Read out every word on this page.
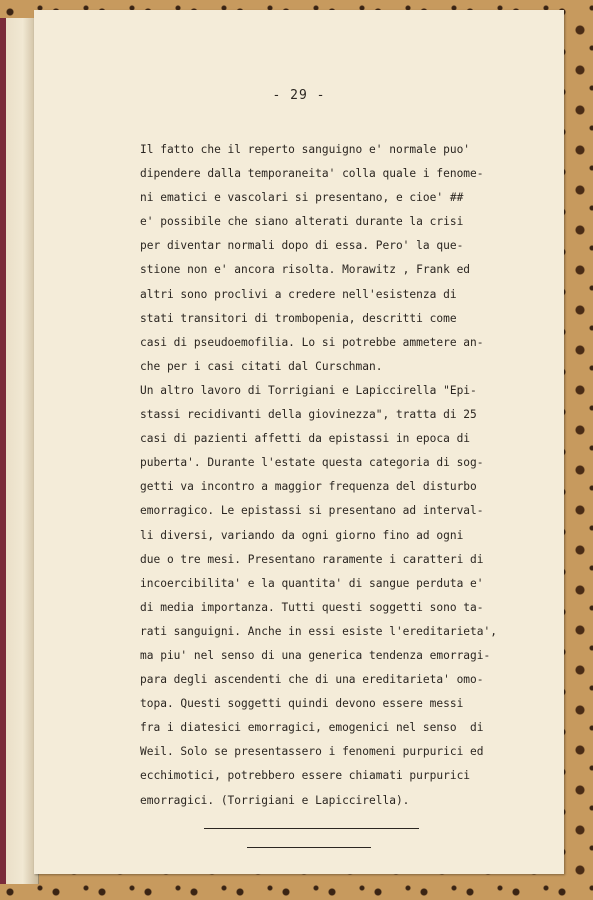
- 29 -
Il fatto che il reperto sanguigno e' normale puo'
dipendere dalla temporaneita' colla quale i fenome-
ni ematici e vascolari si presentano, e cioe' ##
e' possibile che siano alterati durante la crisi
per diventar normali dopo di essa. Pero' la que-
stione non e' ancora risolta. Morawitz , Frank ed
altri sono proclivi a credere nell'esistenza di
stati transitori di trombopenia, descritti come
casi di pseudoemofilia. Lo si potrebbe ammetere an-
che per i casi citati dal Curschman.
Un altro lavoro di Torrigiani e Lapiccirella "Epi-
stassi recidivanti della giovinezza", tratta di 25
casi di pazienti affetti da epistassi in epoca di
puberta'. Durante l'estate questa categoria di sog-
getti va incontro a maggior frequenza del disturbo
emorragico. Le epistassi si presentano ad interval-
li diversi, variando da ogni giorno fino ad ogni
due o tre mesi. Presentano raramente i caratteri di
incoercibilita' e la quantita' di sangue perduta e'
di media importanza. Tutti questi soggetti sono ta-
rati sanguigni. Anche in essi esiste l'ereditarieta',
ma piu' nel senso di una generica tendenza emorragi-
para degli ascendenti che di una ereditarieta' omo-
topa. Questi soggetti quindi devono essere messi
fra i diatesici emorragici, emogenici nel senso  di
Weil. Solo se presentassero i fenomeni purpurici ed
ecchimotici, potrebbero essere chiamati purpurici
emorragici. (Torrigiani e Lapiccirella).
